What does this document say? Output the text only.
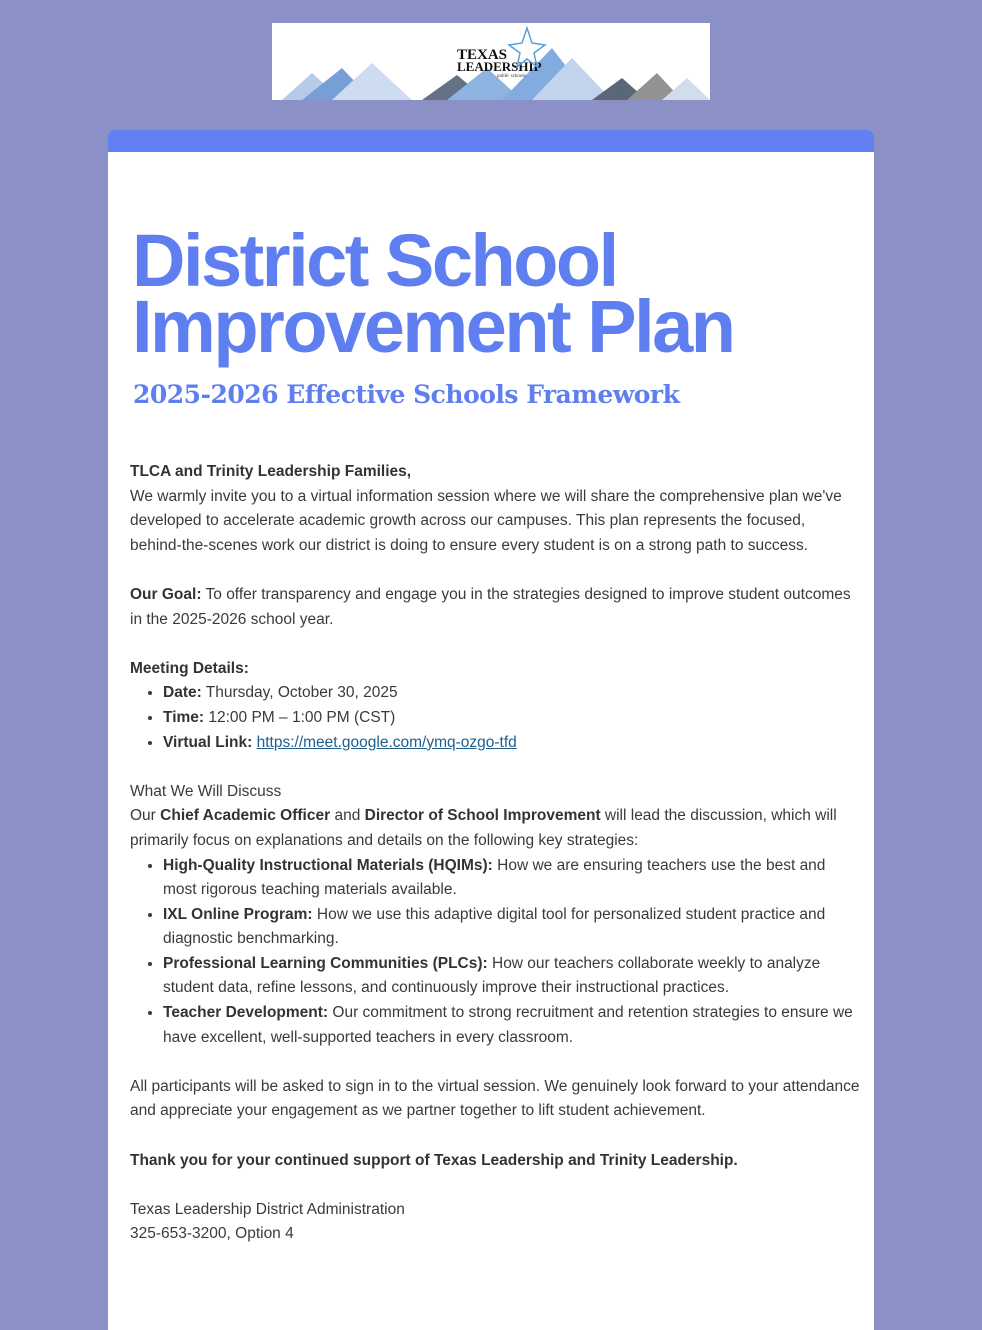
TEXAS
LEADERSHIP
public schools
District School
Improvement Plan
2025-2026 Effective Schools Framework

TLCA and Trinity Leadership Families,
We warmly invite you to a virtual information session where we will share the comprehensive plan we've developed to accelerate academic growth across our campuses. This plan represents the focused, behind-the-scenes work our district is doing to ensure every student is on a strong path to success.

Our Goal: To offer transparency and engage you in the strategies designed to improve student outcomes in the 2025-2026 school year.

Meeting Details:
• Date: Thursday, October 30, 2025
• Time: 12:00 PM – 1:00 PM (CST)
• Virtual Link: https://meet.google.com/ymq-ozgo-tfd
What We Will Discuss
Our Chief Academic Officer and Director of School Improvement will lead the discussion, which will primarily focus on explanations and details on the following key strategies:
• High-Quality Instructional Materials (HQIMs): How we are ensuring teachers use the best and most rigorous teaching materials available.
• IXL Online Program: How we use this adaptive digital tool for personalized student practice and diagnostic benchmarking.
• Professional Learning Communities (PLCs): How our teachers collaborate weekly to analyze student data, refine lessons, and continuously improve their instructional practices.
• Teacher Development: Our commitment to strong recruitment and retention strategies to ensure we have excellent, well-supported teachers in every classroom.

All participants will be asked to sign in to the virtual session. We genuinely look forward to your attendance and appreciate your engagement as we partner together to lift student achievement.

Thank you for your continued support of Texas Leadership and Trinity Leadership.

Texas Leadership District Administration
325-653-3200, Option 4
